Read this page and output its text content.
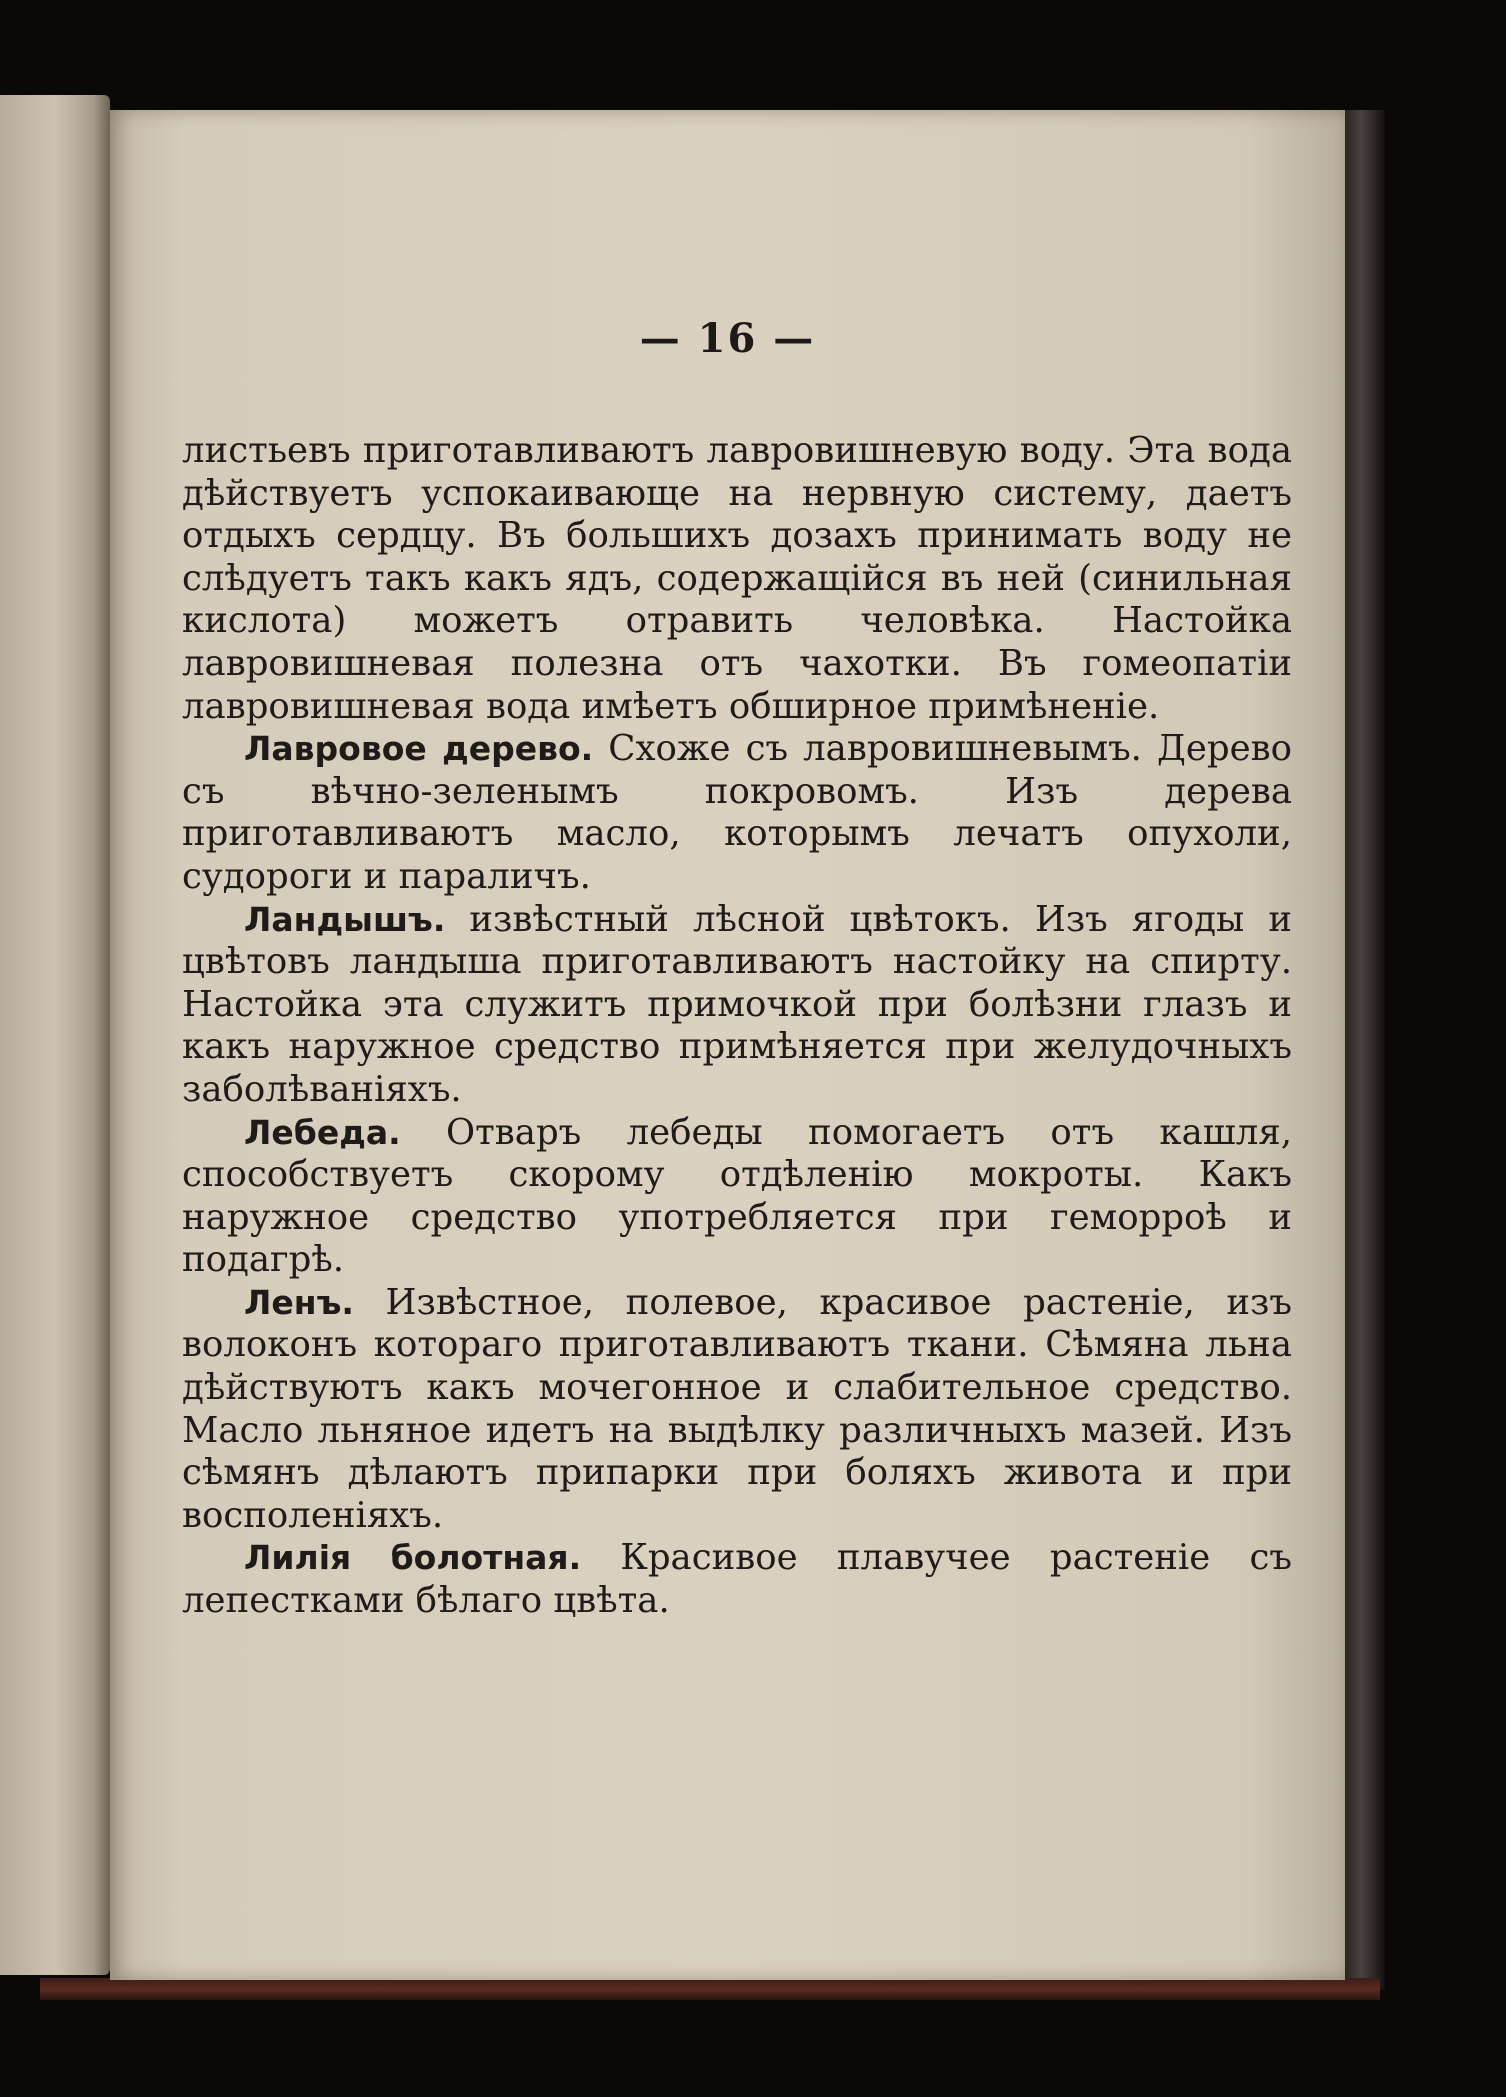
— 16 —

листьевъ приготавливаютъ лавровишневую воду. Эта вода дѣйствуетъ успокаивающе на нервную систему, даетъ отдыхъ сердцу. Въ большихъ дозахъ принимать воду не слѣдуетъ такъ какъ ядъ, содержащiйся въ ней (синильная кислота) можетъ отравить человѣка. Настойка лавровишневая полезна отъ чахотки. Въ гомеопатiи лавровишневая вода имѣетъ обширное примѣненiе.

Лавровое дерево. Схоже съ лавровишневымъ. Дерево съ вѣчно-зеленымъ покровомъ. Изъ дерева приготавливаютъ масло, которымъ лечатъ опухоли, судороги и параличъ.

Ландышъ. извѣстный лѣсной цвѣтокъ. Изъ ягоды и цвѣтовъ ландыша приготавливаютъ настойку на спирту. Настойка эта служитъ примочкой при болѣзни глазъ и какъ наружное средство примѣняется при желудочныхъ заболѣванiяхъ.

Лебеда. Отваръ лебеды помогаетъ отъ кашля, способствуетъ скорому отдѣленiю мокроты. Какъ наружное средство употребляется при геморроѣ и подагрѣ.

Ленъ. Извѣстное, полевое, красивое растенiе, изъ волоконъ котораго приготавливаютъ ткани. Сѣмяна льна дѣйствуютъ какъ мочегонное и слабительное средство. Масло льняное идетъ на выдѣлку различныхъ мазей. Изъ сѣмянъ дѣлаютъ припарки при боляхъ живота и при восполенiяхъ.

Лилiя болотная. Красивое плавучее растенiе съ лепестками бѣлаго цвѣта.
